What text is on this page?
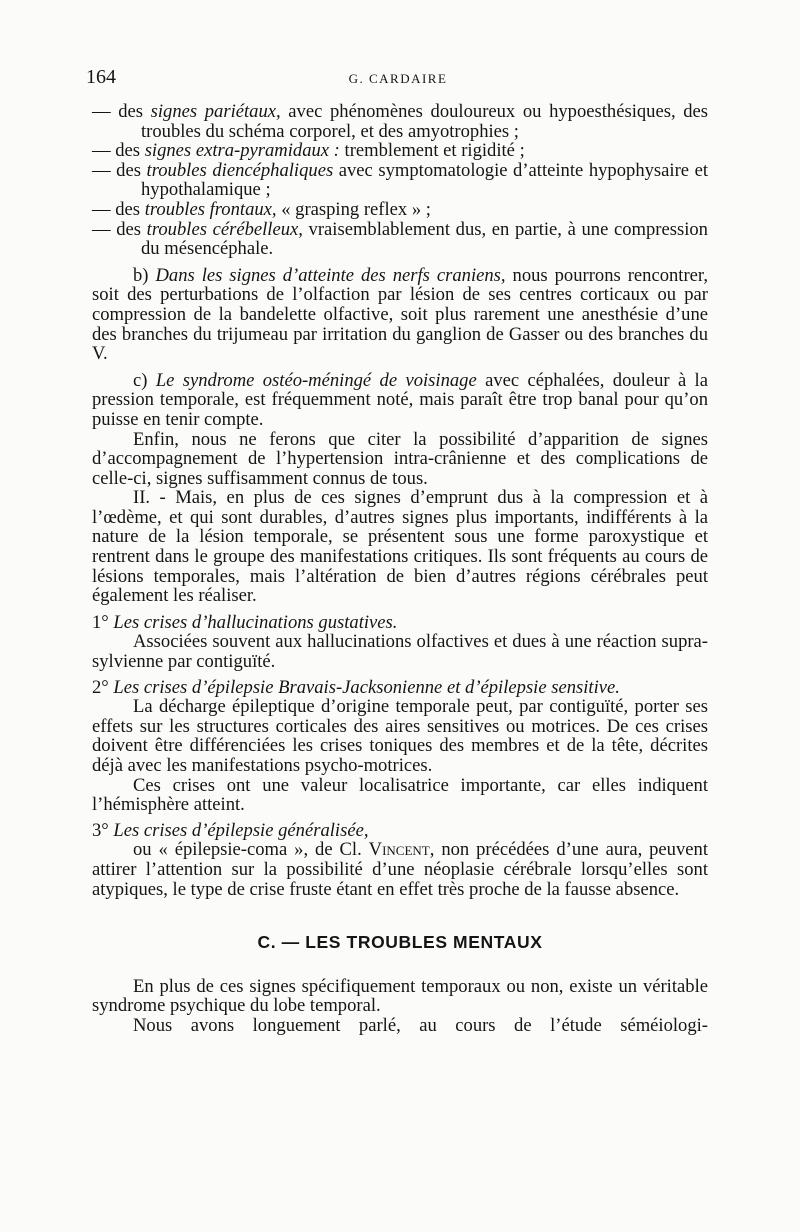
164	G. CARDAIRE

— des signes pariétaux, avec phénomènes douloureux ou hypoesthésiques, des troubles du schéma corporel, et des amyotrophies ;

— des signes extra-pyramidaux : tremblement et rigidité ;

— des troubles diencéphaliques avec symptomatologie d’atteinte hypophysaire et hypothalamique ;

— des troubles frontaux, « grasping reflex » ;

— des troubles cérébelleux, vraisemblablement dus, en partie, à une compression du mésencéphale.

b) Dans les signes d’atteinte des nerfs craniens, nous pourrons rencontrer, soit des perturbations de l’olfaction par lésion de ses centres corticaux ou par compression de la bandelette olfactive, soit plus rarement une anesthésie d’une des branches du trijumeau par irritation du ganglion de Gasser ou des branches du V.

c) Le syndrome ostéo-méningé de voisinage avec céphalées, douleur à la pression temporale, est fréquemment noté, mais paraît être trop banal pour qu’on puisse en tenir compte.

Enfin, nous ne ferons que citer la possibilité d’apparition de signes d’accompagnement de l’hypertension intra-crânienne et des complications de celle-ci, signes suffisamment connus de tous.

II. - Mais, en plus de ces signes d’emprunt dus à la compression et à l’œdème, et qui sont durables, d’autres signes plus importants, indifférents à la nature de la lésion temporale, se présentent sous une forme paroxystique et rentrent dans le groupe des manifestations critiques. Ils sont fréquents au cours de lésions temporales, mais l’altération de bien d’autres régions cérébrales peut également les réaliser.

1° Les crises d’hallucinations gustatives.

Associées souvent aux hallucinations olfactives et dues à une réaction supra-sylvienne par contiguïté.

2° Les crises d’épilepsie Bravais-Jacksonienne et d’épilepsie sensitive.

La décharge épileptique d’origine temporale peut, par contiguïté, porter ses effets sur les structures corticales des aires sensitives ou motrices. De ces crises doivent être différenciées les crises toniques des membres et de la tête, décrites déjà avec les manifestations psycho-motrices.

Ces crises ont une valeur localisatrice importante, car elles indiquent l’hémisphère atteint.

3° Les crises d’épilepsie généralisée,

ou « épilepsie-coma », de Cl. Vincent, non précédées d’une aura, peuvent attirer l’attention sur la possibilité d’une néoplasie cérébrale lorsqu’elles sont atypiques, le type de crise fruste étant en effet très proche de la fausse absence.

C. — LES TROUBLES MENTAUX

En plus de ces signes spécifiquement temporaux ou non, existe un véritable syndrome psychique du lobe temporal.

Nous avons longuement parlé, au cours de l’étude séméiologi-
